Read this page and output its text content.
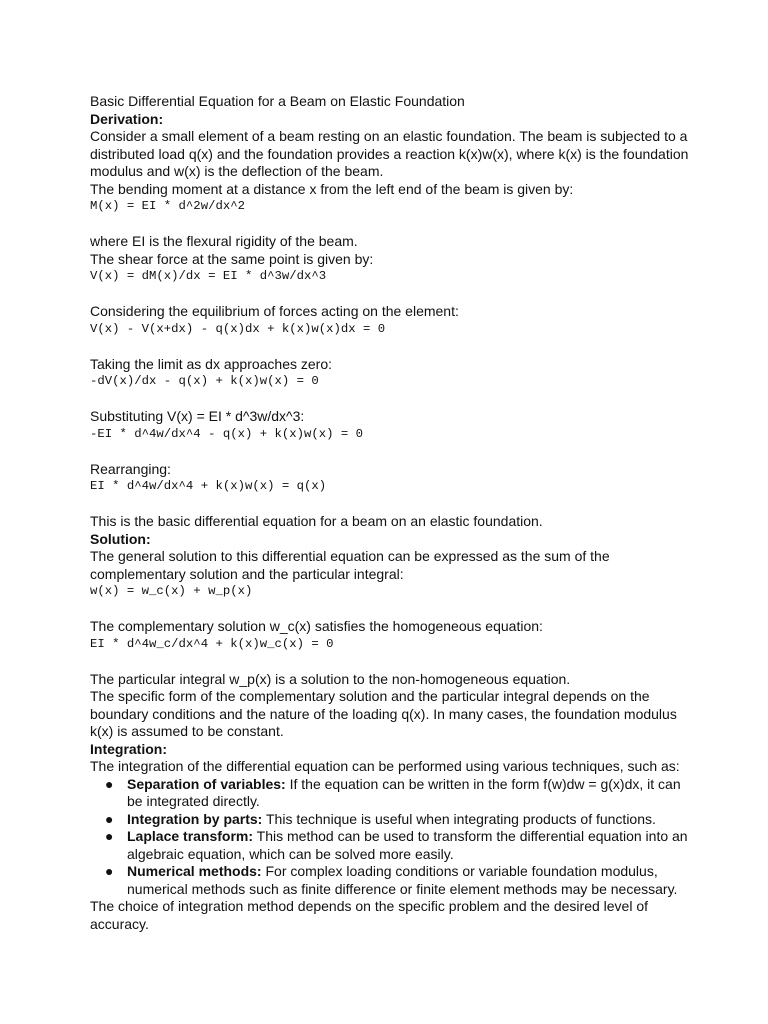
Basic Differential Equation for a Beam on Elastic Foundation

Derivation:

Consider a small element of a beam resting on an elastic foundation. The beam is subjected to a distributed load q(x) and the foundation provides a reaction k(x)w(x), where k(x) is the foundation modulus and w(x) is the deflection of the beam.

The bending moment at a distance x from the left end of the beam is given by:

M(x) = EI * d^2w/dx^2

where EI is the flexural rigidity of the beam.

The shear force at the same point is given by:

V(x) = dM(x)/dx = EI * d^3w/dx^3

Considering the equilibrium of forces acting on the element:

V(x) - V(x+dx) - q(x)dx + k(x)w(x)dx = 0

Taking the limit as dx approaches zero:

-dV(x)/dx - q(x) + k(x)w(x) = 0

Substituting V(x) = EI * d^3w/dx^3:

-EI * d^4w/dx^4 - q(x) + k(x)w(x) = 0

Rearranging:

EI * d^4w/dx^4 + k(x)w(x) = q(x)

This is the basic differential equation for a beam on an elastic foundation.

Solution:

The general solution to this differential equation can be expressed as the sum of the complementary solution and the particular integral:

w(x) = w_c(x) + w_p(x)

The complementary solution w_c(x) satisfies the homogeneous equation:

EI * d^4w_c/dx^4 + k(x)w_c(x) = 0

The particular integral w_p(x) is a solution to the non-homogeneous equation.

The specific form of the complementary solution and the particular integral depends on the boundary conditions and the nature of the loading q(x). In many cases, the foundation modulus k(x) is assumed to be constant.

Integration:

The integration of the differential equation can be performed using various techniques, such as:

● Separation of variables: If the equation can be written in the form f(w)dw = g(x)dx, it can be integrated directly.
● Integration by parts: This technique is useful when integrating products of functions.
● Laplace transform: This method can be used to transform the differential equation into an algebraic equation, which can be solved more easily.
● Numerical methods: For complex loading conditions or variable foundation modulus, numerical methods such as finite difference or finite element methods may be necessary.

The choice of integration method depends on the specific problem and the desired level of accuracy.
